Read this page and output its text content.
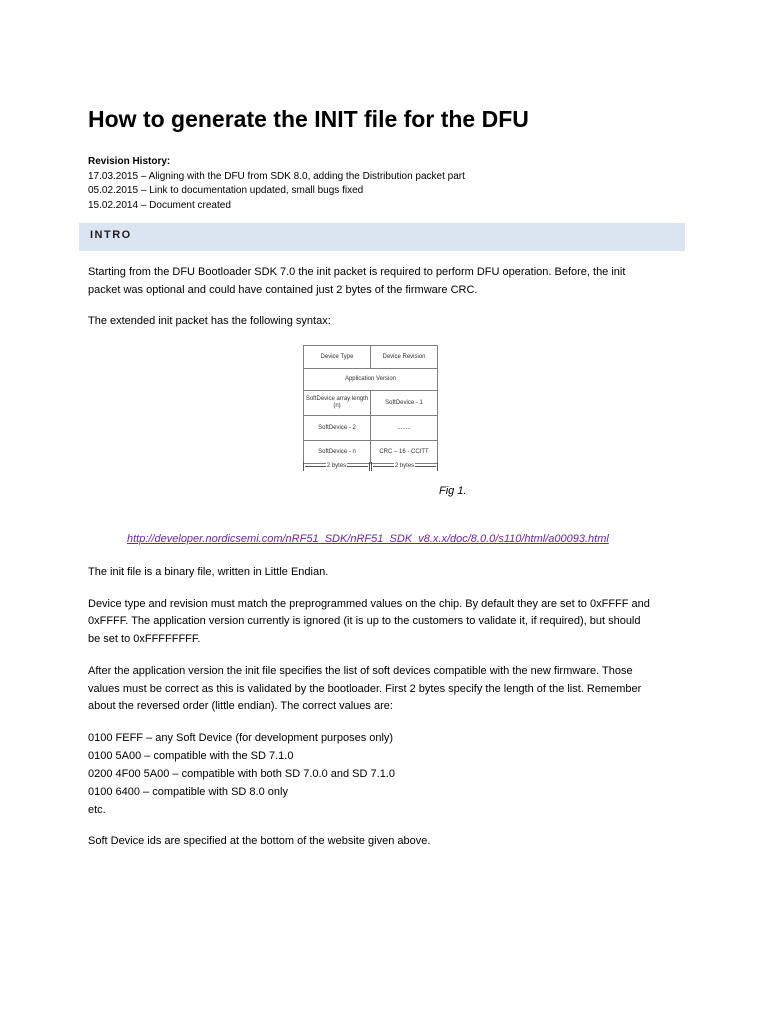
How to generate the INIT file for the DFU
Revision History:
17.03.2015 – Aligning with the DFU from SDK 8.0, adding the Distribution packet part
05.02.2015 – Link to documentation updated, small bugs fixed
15.02.2014 – Document created
INTRO
Starting from the DFU Bootloader SDK 7.0 the init packet is required to perform DFU operation. Before, the init
packet was optional and could have contained just 2 bytes of the firmware CRC.
The extended init packet has the following syntax:
Device Type	Device Revision
Application Version	
SoftDevice array length (n)	SoftDevice - 1
SoftDevice - 2	........
SoftDevice - n	CRC – 16 - CCITT
2 bytes	2 bytes
Fig 1.
http://developer.nordicsemi.com/nRF51_SDK/nRF51_SDK_v8.x.x/doc/8.0.0/s110/html/a00093.html
The init file is a binary file, written in Little Endian.
Device type and revision must match the preprogrammed values on the chip. By default they are set to 0xFFFF and
0xFFFF. The application version currently is ignored (it is up to the customers to validate it, if required), but should
be set to 0xFFFFFFFF.
After the application version the init file specifies the list of soft devices compatible with the new firmware. Those
values must be correct as this is validated by the bootloader. First 2 bytes specify the length of the list. Remember
about the reversed order (little endian). The correct values are:
0100 FEFF – any Soft Device (for development purposes only)
0100 5A00 – compatible with the SD 7.1.0
0200 4F00 5A00 – compatible with both SD 7.0.0 and SD 7.1.0
0100 6400 – compatible with SD 8.0 only
etc.
Soft Device ids are specified at the bottom of the website given above.
